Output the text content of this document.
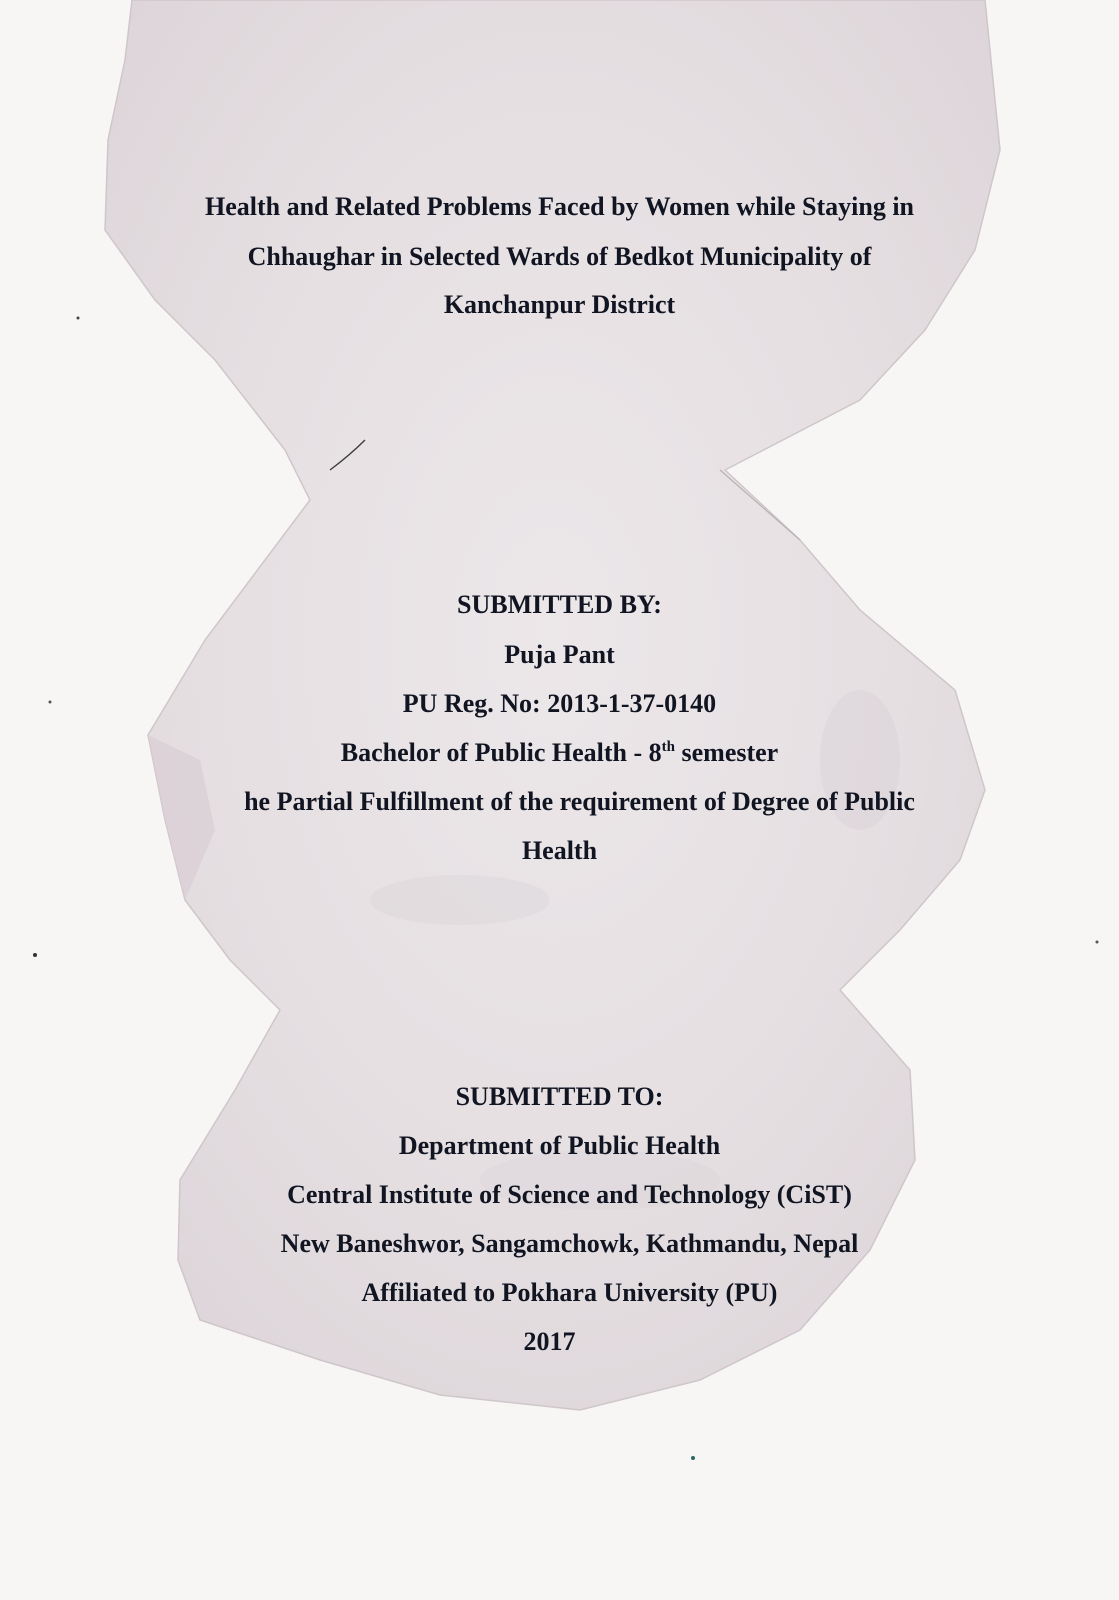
Health and Related Problems Faced by Women while Staying in
Chhaughar in Selected Wards of Bedkot Municipality of
Kanchanpur District
SUBMITTED BY:
Puja Pant
PU Reg. No: 2013-1-37-0140
Bachelor of Public Health - 8th semester
he Partial Fulfillment of the requirement of Degree of Public
Health
SUBMITTED TO:
Department of Public Health
Central Institute of Science and Technology (CiST)
New Baneshwor, Sangamchowk, Kathmandu, Nepal
Affiliated to Pokhara University (PU)
2017
